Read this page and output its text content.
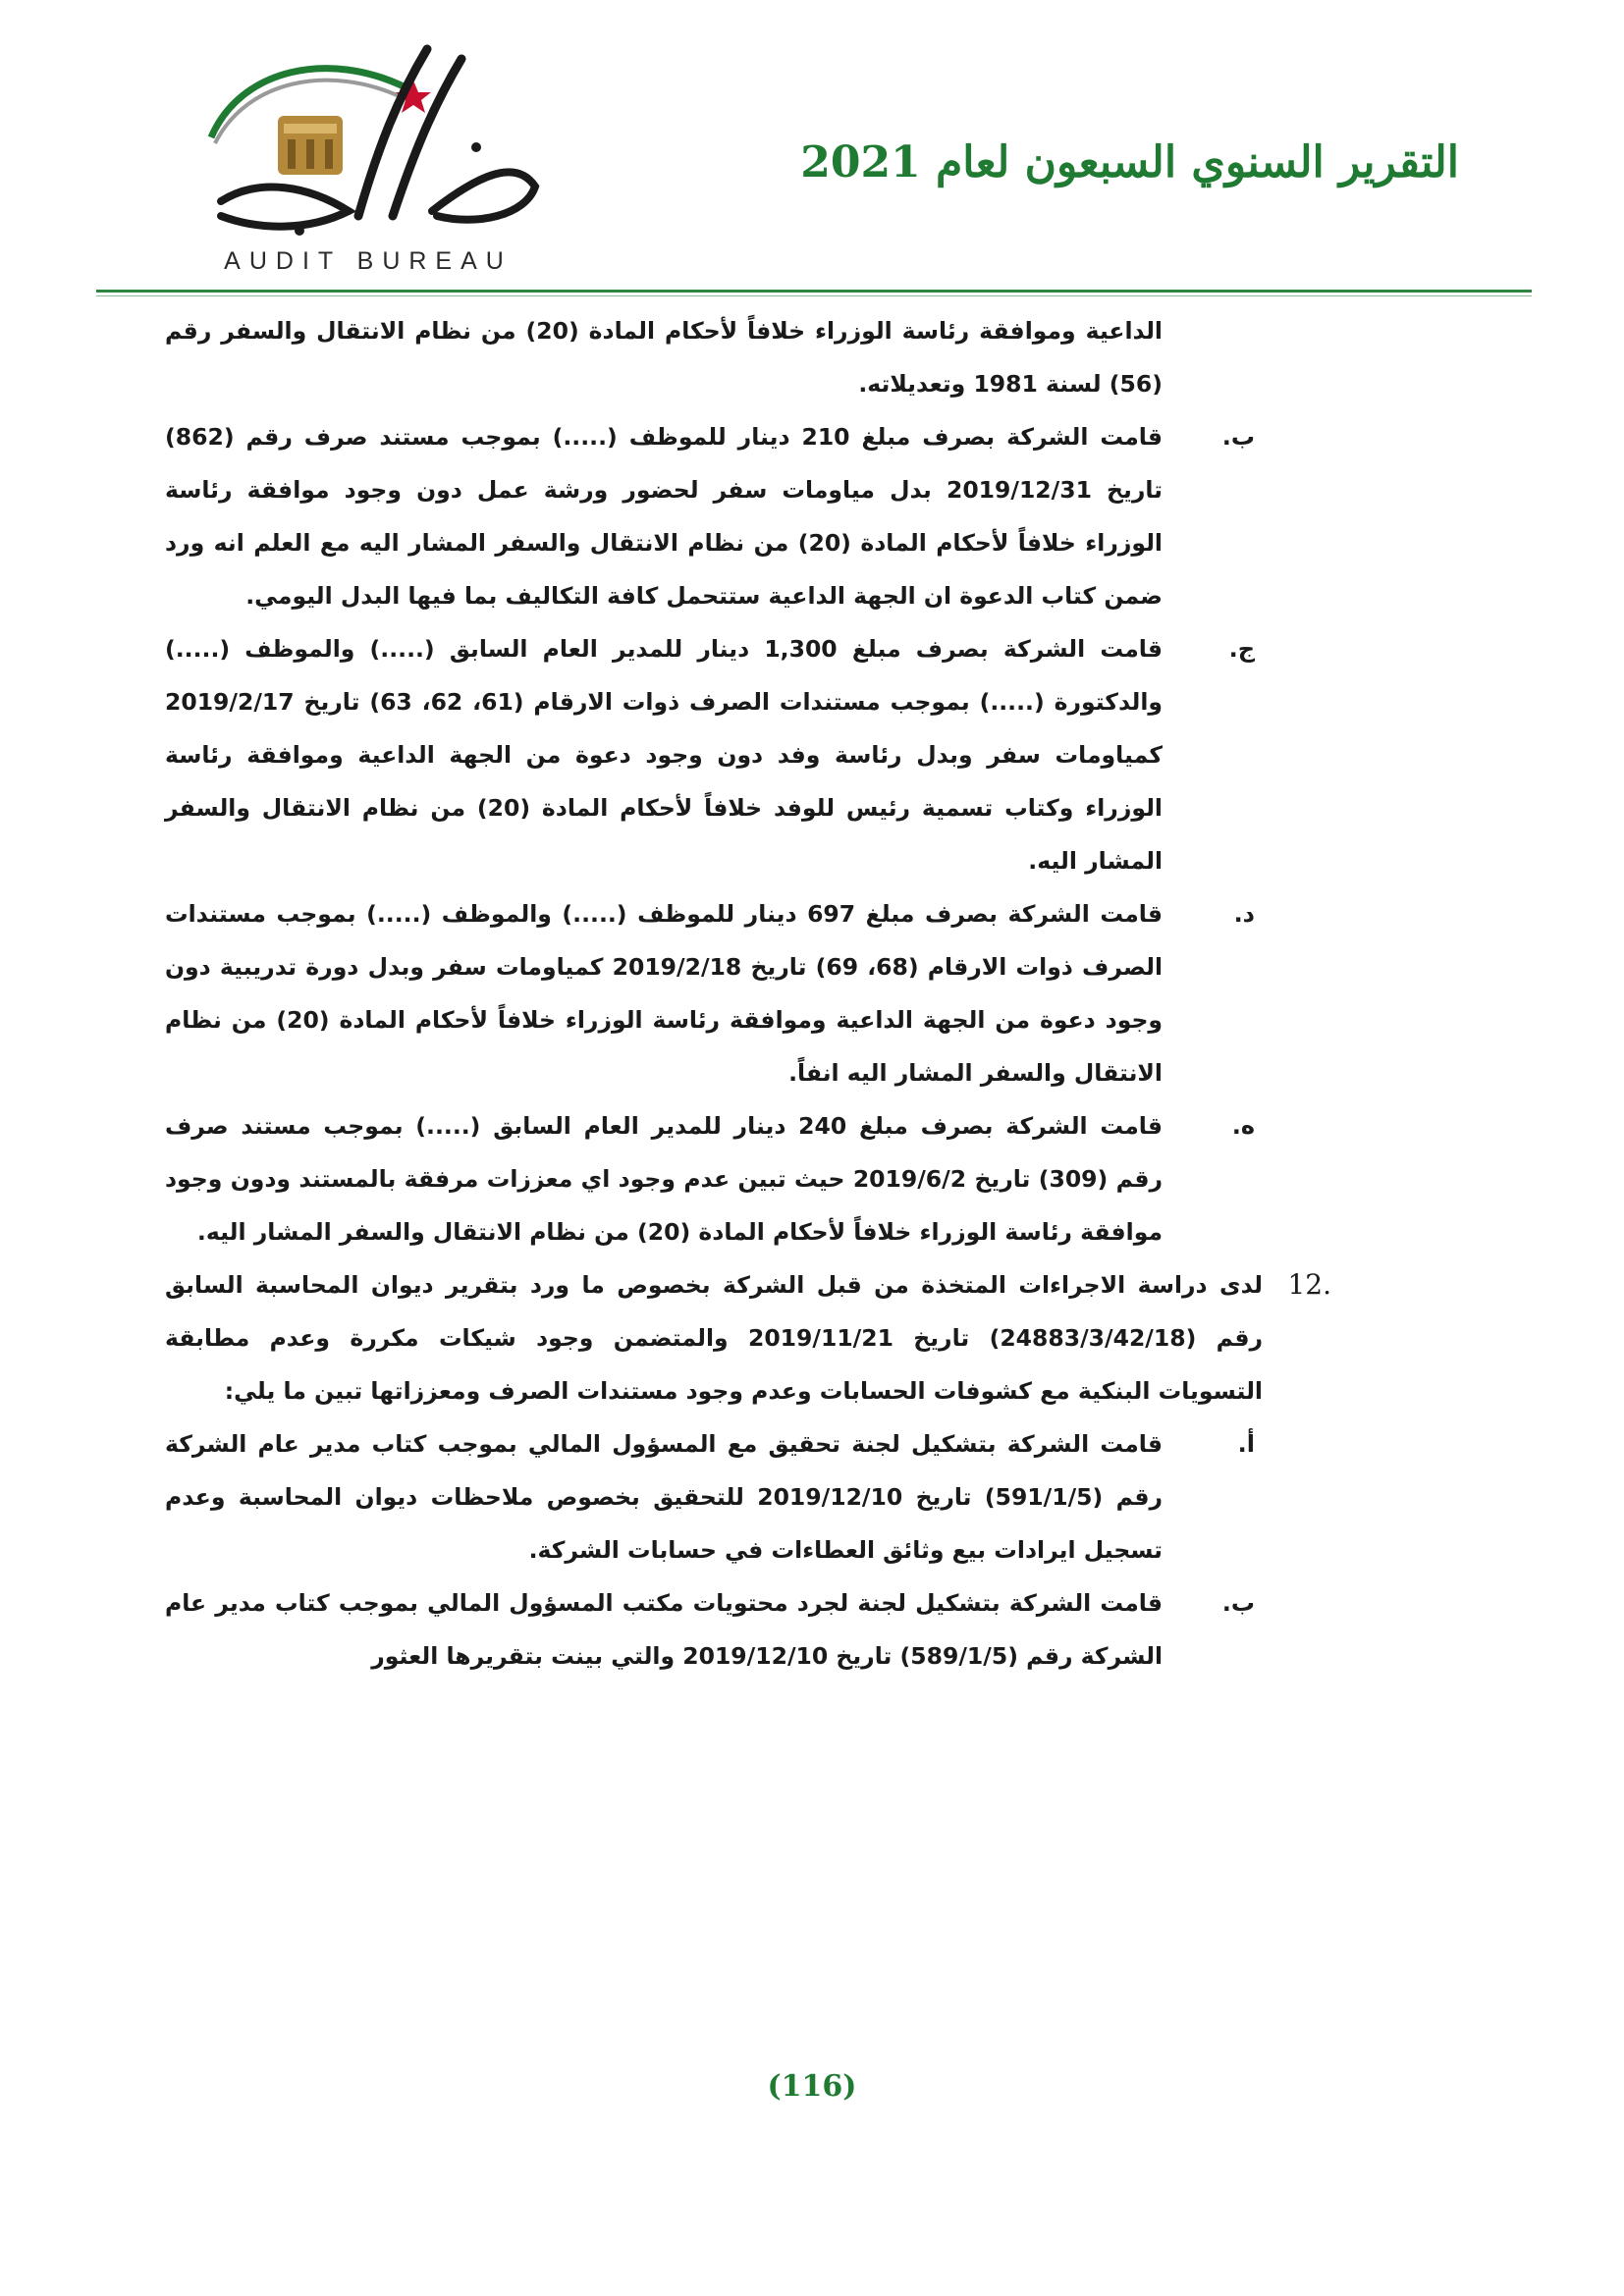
AUDIT BUREAU
التقرير السنوي السبعون لعام 2021
الداعية وموافقة رئاسة الوزراء خلافاً لأحكام المادة (20) من نظام الانتقال والسفر رقم (56) لسنة 1981 وتعديلاته.
ب.
قامت الشركة بصرف مبلغ 210 دينار للموظف (.....) بموجب مستند صرف رقم (862) تاريخ 2019/12/31 بدل مياومات سفر لحضور ورشة عمل دون وجود موافقة رئاسة الوزراء خلافاً لأحكام المادة (20) من نظام الانتقال والسفر المشار اليه مع العلم انه ورد ضمن كتاب الدعوة ان الجهة الداعية ستتحمل كافة التكاليف بما فيها البدل اليومي.
ج.
قامت الشركة بصرف مبلغ 1,300 دينار للمدير العام السابق (.....) والموظف (.....) والدكتورة (.....) بموجب مستندات الصرف ذوات الارقام (61، 62، 63) تاريخ 2019/2/17 كمياومات سفر وبدل رئاسة وفد دون وجود دعوة من الجهة الداعية وموافقة رئاسة الوزراء وكتاب تسمية رئيس للوفد خلافاً لأحكام المادة (20) من نظام الانتقال والسفر المشار اليه.
د.
قامت الشركة بصرف مبلغ 697 دينار للموظف (.....) والموظف (.....) بموجب مستندات الصرف ذوات الارقام (68، 69) تاريخ 2019/2/18 كمياومات سفر وبدل دورة تدريبية دون وجود دعوة من الجهة الداعية وموافقة رئاسة الوزراء خلافاً لأحكام المادة (20) من نظام الانتقال والسفر المشار اليه انفاً.
ه.
قامت الشركة بصرف مبلغ 240 دينار للمدير العام السابق (.....) بموجب مستند صرف رقم (309) تاريخ 2019/6/2 حيث تبين عدم وجود اي معززات مرفقة بالمستند ودون وجود موافقة رئاسة الوزراء خلافاً لأحكام المادة (20) من نظام الانتقال والسفر المشار اليه.
.12
لدى دراسة الاجراءات المتخذة من قبل الشركة بخصوص ما ورد بتقرير ديوان المحاسبة السابق رقم (24883/3/42/18) تاريخ 2019/11/21 والمتضمن وجود شيكات مكررة وعدم مطابقة التسويات البنكية مع كشوفات الحسابات وعدم وجود مستندات الصرف ومعززاتها تبين ما يلي:
أ.
قامت الشركة بتشكيل لجنة تحقيق مع المسؤول المالي بموجب كتاب مدير عام الشركة رقم (591/1/5) تاريخ 2019/12/10 للتحقيق بخصوص ملاحظات ديوان المحاسبة وعدم تسجيل ايرادات بيع وثائق العطاءات في حسابات الشركة.
ب.
قامت الشركة بتشكيل لجنة لجرد محتويات مكتب المسؤول المالي بموجب كتاب مدير عام الشركة رقم (589/1/5) تاريخ 2019/12/10 والتي بينت بتقريرها العثور
(116)
